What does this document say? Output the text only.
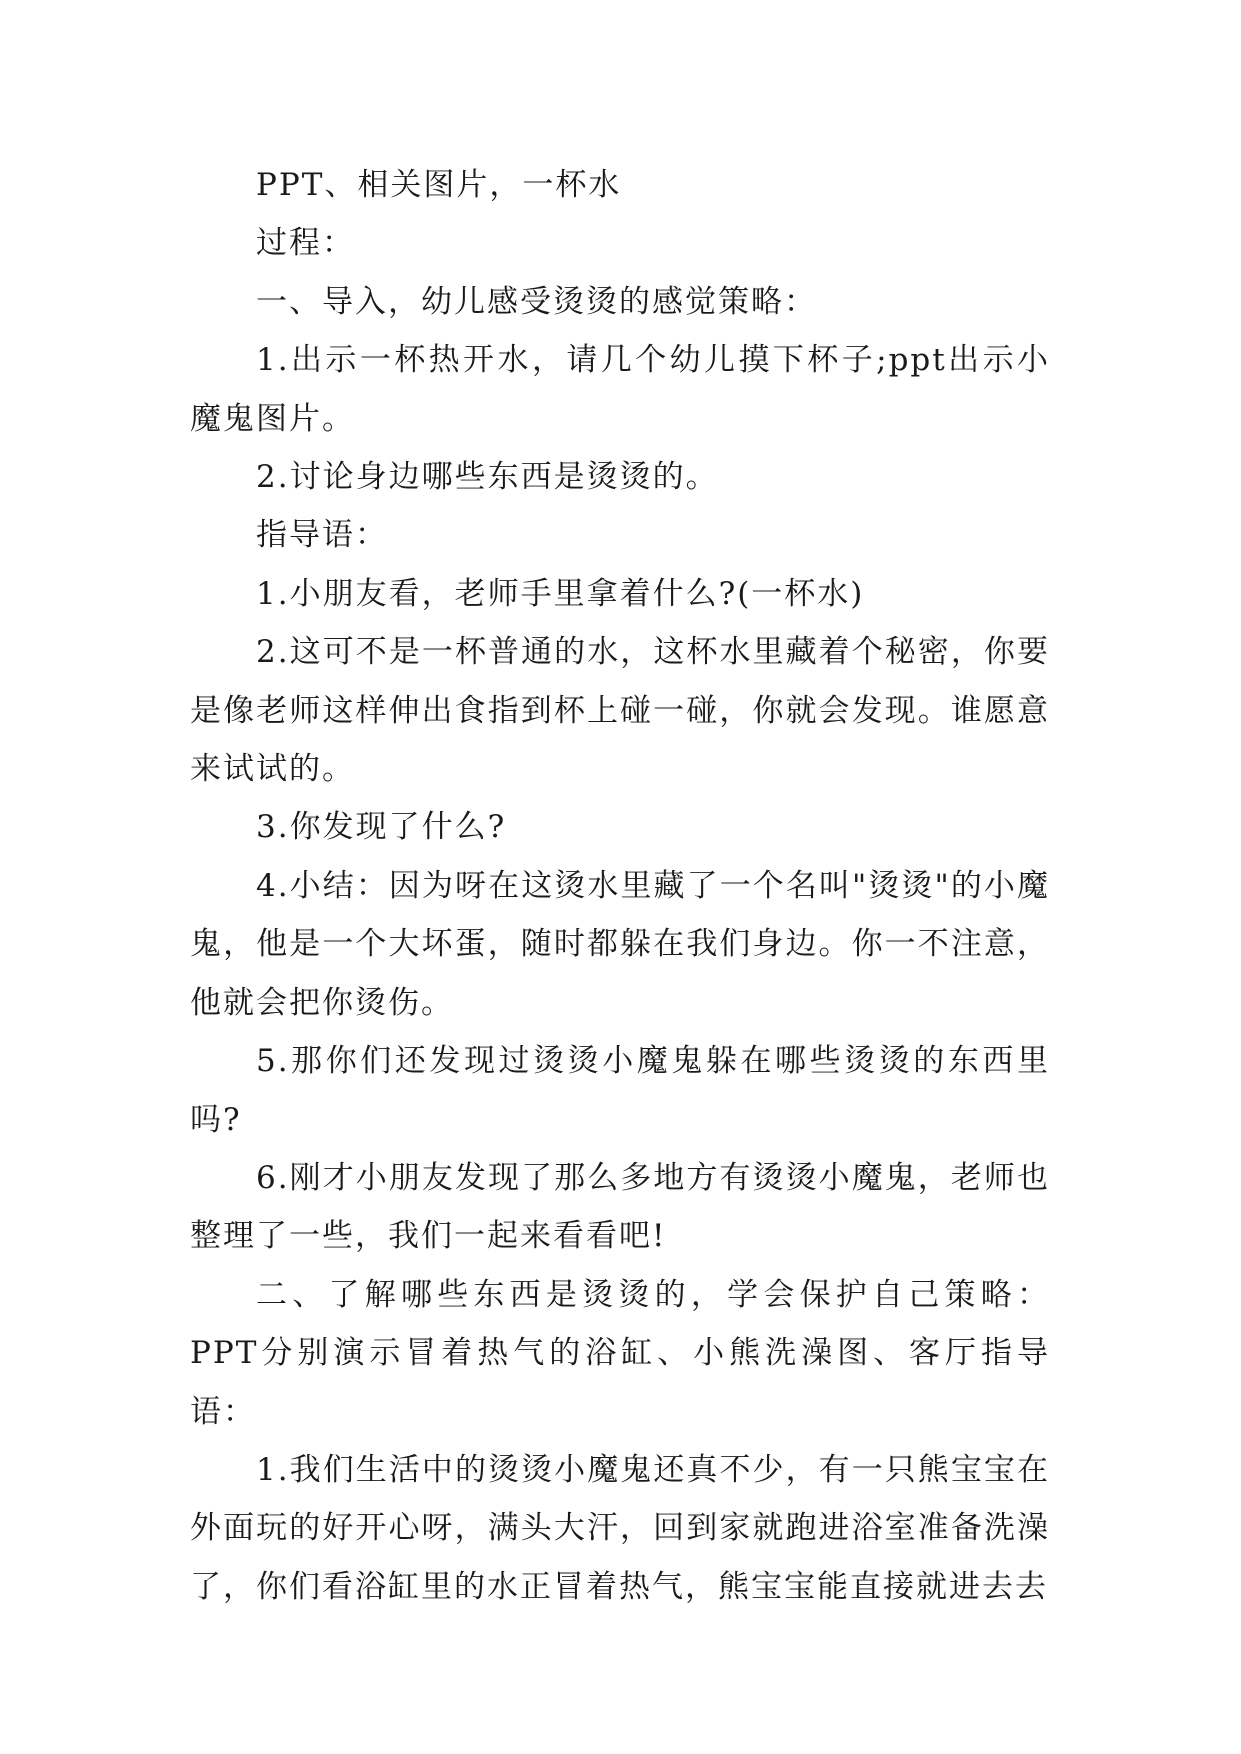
PPT、相关图片，一杯水

过程：

一、导入，幼儿感受烫烫的感觉策略：

1.出示一杯热开水，请几个幼儿摸下杯子;ppt出示小魔鬼图片。

2.讨论身边哪些东西是烫烫的。

指导语：

1.小朋友看，老师手里拿着什么?(一杯水)

2.这可不是一杯普通的水，这杯水里藏着个秘密，你要是像老师这样伸出食指到杯上碰一碰，你就会发现。谁愿意来试试的。

3.你发现了什么?

4.小结：因为呀在这烫水里藏了一个名叫"烫烫"的小魔鬼，他是一个大坏蛋，随时都躲在我们身边。你一不注意，他就会把你烫伤。

5.那你们还发现过烫烫小魔鬼躲在哪些烫烫的东西里吗?

6.刚才小朋友发现了那么多地方有烫烫小魔鬼，老师也整理了一些，我们一起来看看吧!

二、了解哪些东西是烫烫的，学会保护自己策略：PPT分别演示冒着热气的浴缸、小熊洗澡图、客厅指导语：

1.我们生活中的烫烫小魔鬼还真不少，有一只熊宝宝在外面玩的好开心呀，满头大汗，回到家就跑进浴室准备洗澡了，你们看浴缸里的水正冒着热气，熊宝宝能直接就进去去
